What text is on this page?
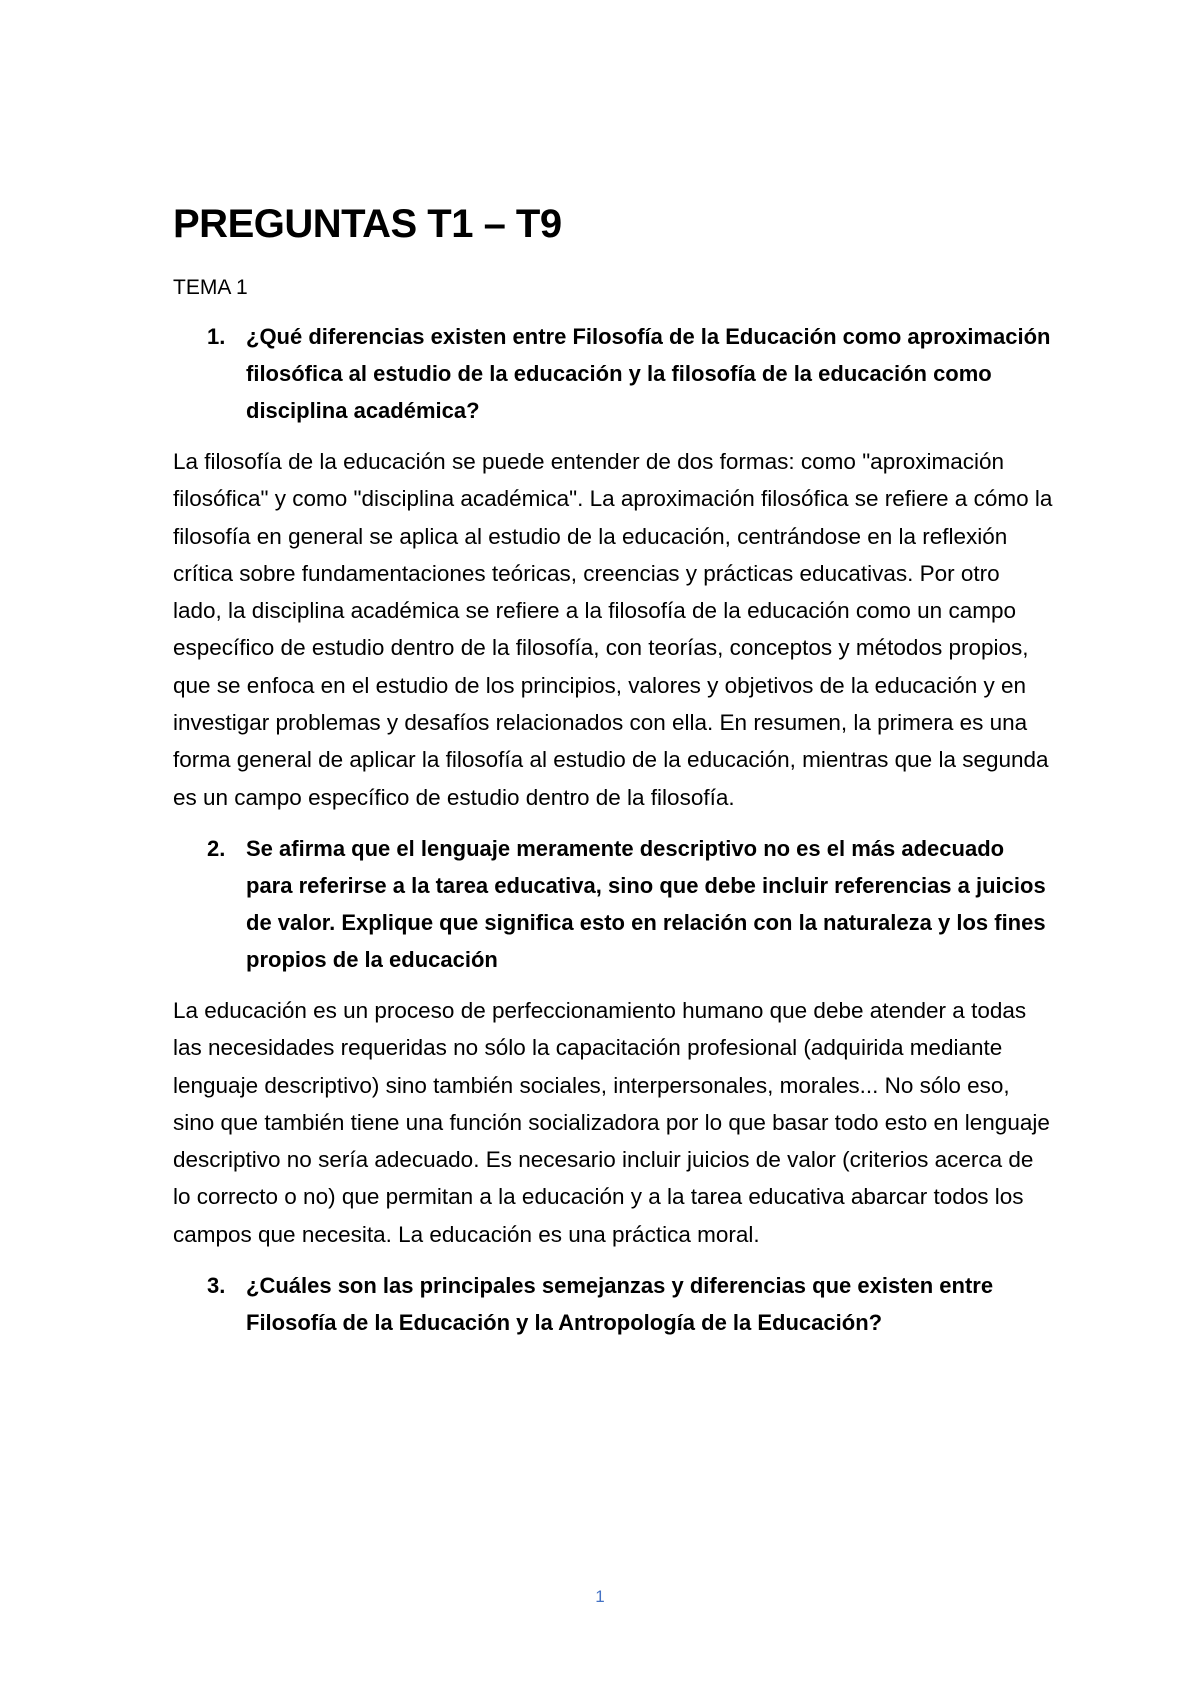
PREGUNTAS T1 – T9
TEMA 1
1. ¿Qué diferencias existen entre Filosofía de la Educación como aproximación filosófica al estudio de la educación y la filosofía de la educación como disciplina académica?

La filosofía de la educación se puede entender de dos formas: como "aproximación filosófica" y como "disciplina académica". La aproximación filosófica se refiere a cómo la filosofía en general se aplica al estudio de la educación, centrándose en la reflexión crítica sobre fundamentaciones teóricas, creencias y prácticas educativas. Por otro lado, la disciplina académica se refiere a la filosofía de la educación como un campo específico de estudio dentro de la filosofía, con teorías, conceptos y métodos propios, que se enfoca en el estudio de los principios, valores y objetivos de la educación y en investigar problemas y desafíos relacionados con ella. En resumen, la primera es una forma general de aplicar la filosofía al estudio de la educación, mientras que la segunda es un campo específico de estudio dentro de la filosofía.

2. Se afirma que el lenguaje meramente descriptivo no es el más adecuado para referirse a la tarea educativa, sino que debe incluir referencias a juicios de valor. Explique que significa esto en relación con la naturaleza y los fines propios de la educación

La educación es un proceso de perfeccionamiento humano que debe atender a todas las necesidades requeridas no sólo la capacitación profesional (adquirida mediante lenguaje descriptivo) sino también sociales, interpersonales, morales... No sólo eso, sino que también tiene una función socializadora por lo que basar todo esto en lenguaje descriptivo no sería adecuado. Es necesario incluir juicios de valor (criterios acerca de lo correcto o no) que permitan a la educación y a la tarea educativa abarcar todos los campos que necesita. La educación es una práctica moral.

3. ¿Cuáles son las principales semejanzas y diferencias que existen entre Filosofía de la Educación y la Antropología de la Educación?
1
